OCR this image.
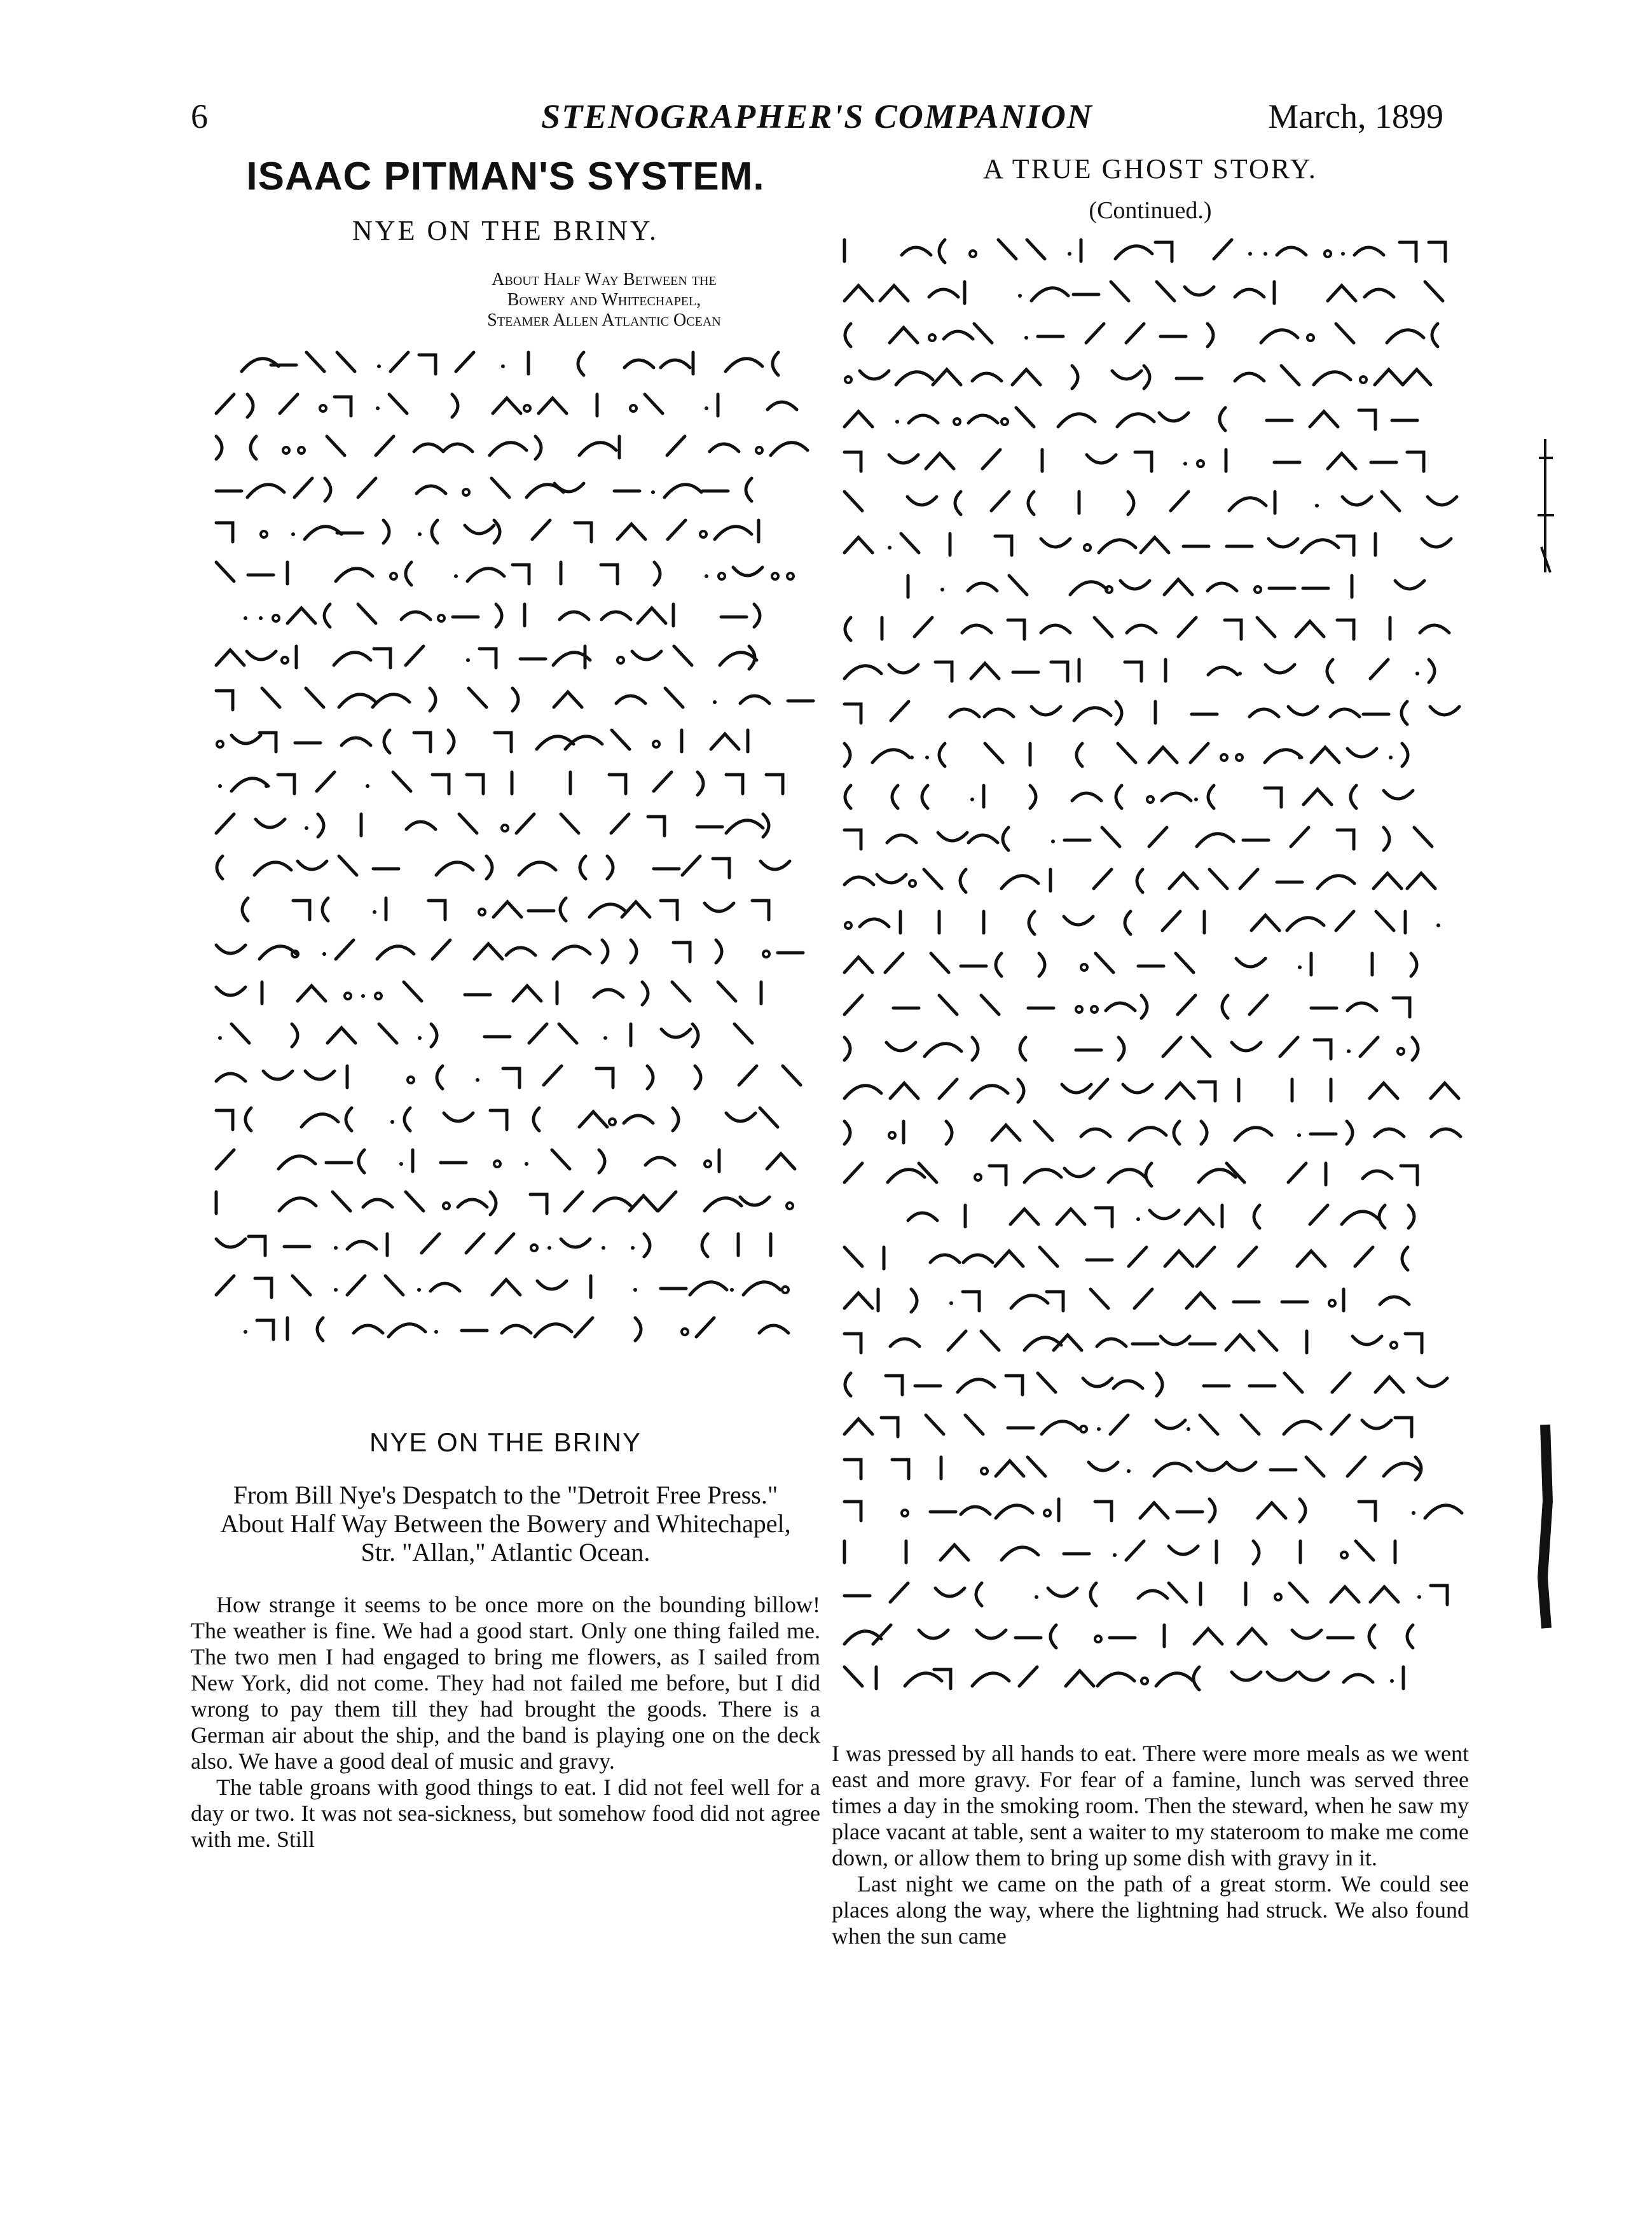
6	STENOGRAPHER'S COMPANION	March, 1899
ISAAC PITMAN'S SYSTEM.
NYE ON THE BRINY.
About Half Way Between the
Bowery and Whitechapel,
Steamer Allen Atlantic Ocean
NYE ON THE BRINY
From Bill Nye's Despatch to the "Detroit Free Press." About Half Way Between the Bowery and Whitechapel, Str. "Allan," Atlantic Ocean.

How strange it seems to be once more on the bounding billow! The weather is fine. We had a good start. Only one thing failed me. The two men I had engaged to bring me flowers, as I sailed from New York, did not come. They had not failed me before, but I did wrong to pay them till they had brought the goods. There is a German air about the ship, and the band is playing one on the deck also. We have a good deal of music and gravy.

The table groans with good things to eat. I did not feel well for a day or two. It was not sea-sickness, but somehow food did not agree with me. Still

A TRUE GHOST STORY.
(Continued.)

I was pressed by all hands to eat. There were more meals as we went east and more gravy. For fear of a famine, lunch was served three times a day in the smoking room. Then the steward, when he saw my place vacant at table, sent a waiter to my stateroom to make me come down, or allow them to bring up some dish with gravy in it.

Last night we came on the path of a great storm. We could see places along the way, where the lightning had struck. We also found when the sun came
